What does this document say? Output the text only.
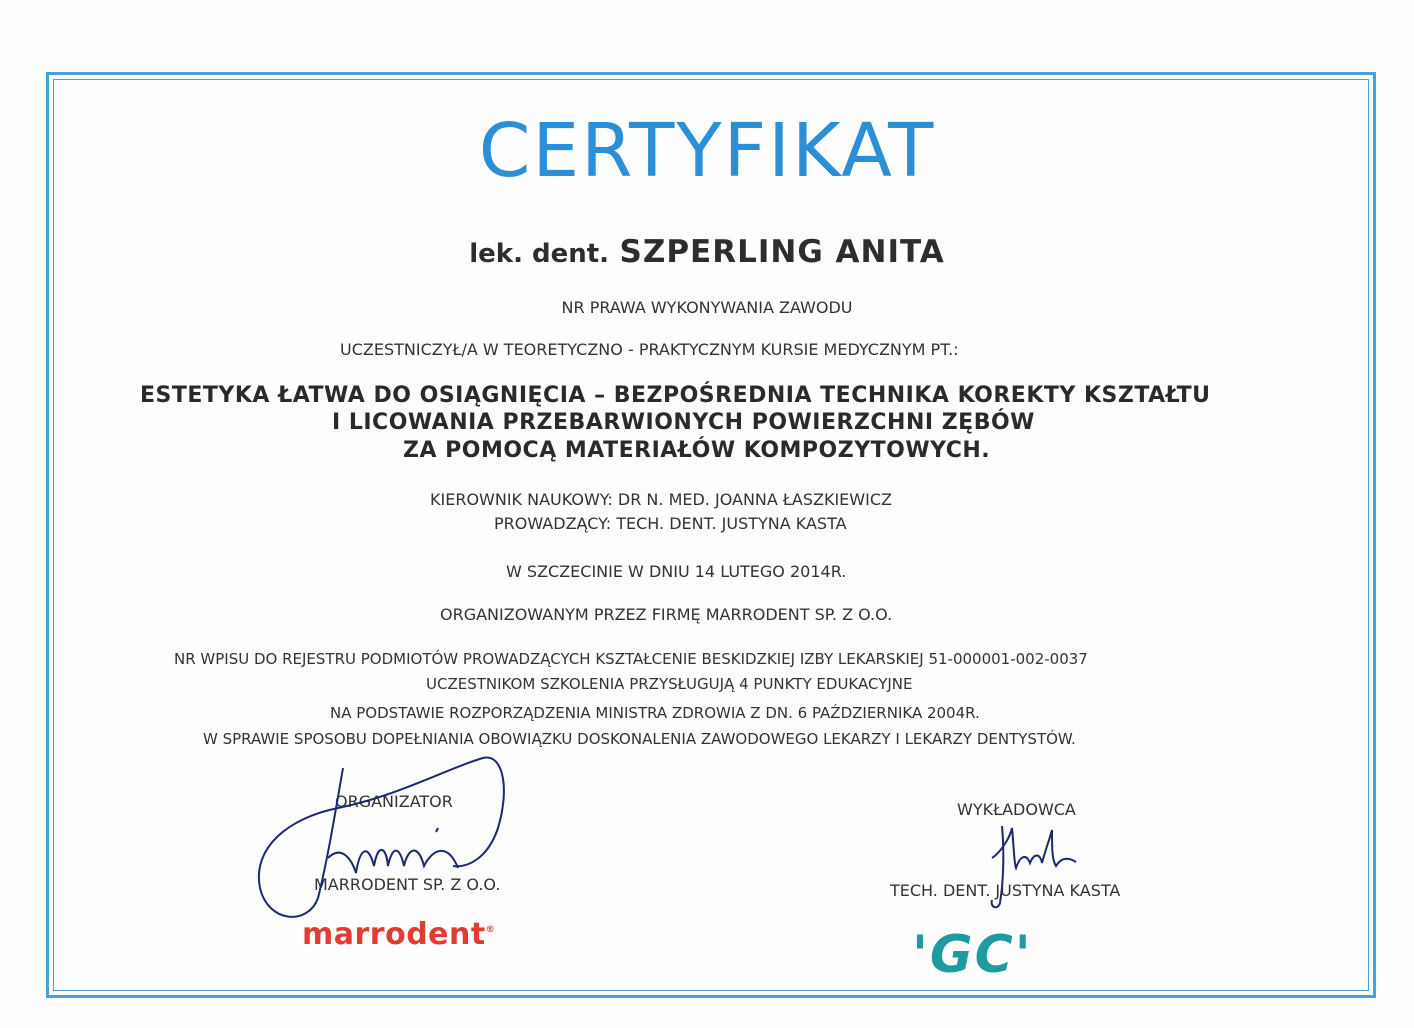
CERTYFIKAT
lek. dent. SZPERLING ANITA
NR PRAWA WYKONYWANIA ZAWODU
UCZESTNICZYŁ/A W TEORETYCZNO - PRAKTYCZNYM KURSIE MEDYCZNYM PT.:
ESTETYKA ŁATWA DO OSIĄGNIĘCIA – BEZPOŚREDNIA TECHNIKA KOREKTY KSZTAŁTU
I LICOWANIA PRZEBARWIONYCH POWIERZCHNI ZĘBÓW
ZA POMOCĄ MATERIAŁÓW KOMPOZYTOWYCH.
KIEROWNIK NAUKOWY: DR N. MED. JOANNA ŁASZKIEWICZ
PROWADZĄCY: TECH. DENT. JUSTYNA KASTA
W SZCZECINIE W DNIU 14 LUTEGO 2014R.
ORGANIZOWANYM PRZEZ FIRMĘ MARRODENT SP. Z O.O.
NR WPISU DO REJESTRU PODMIOTÓW PROWADZĄCYCH KSZTAŁCENIE BESKIDZKIEJ IZBY LEKARSKIEJ 51-000001-002-0037
UCZESTNIKOM SZKOLENIA PRZYSŁUGUJĄ 4 PUNKTY EDUKACYJNE
NA PODSTAWIE ROZPORZĄDZENIA MINISTRA ZDROWIA Z DN. 6 PAŹDZIERNIKA 2004R.
W SPRAWIE SPOSOBU DOPEŁNIANIA OBOWIĄZKU DOSKONALENIA ZAWODOWEGO LEKARZY I LEKARZY DENTYSTÓW.
ORGANIZATOR
MARRODENT SP. Z O.O.
marrodent®
WYKŁADOWCA
TECH. DENT. JUSTYNA KASTA
'GC'
